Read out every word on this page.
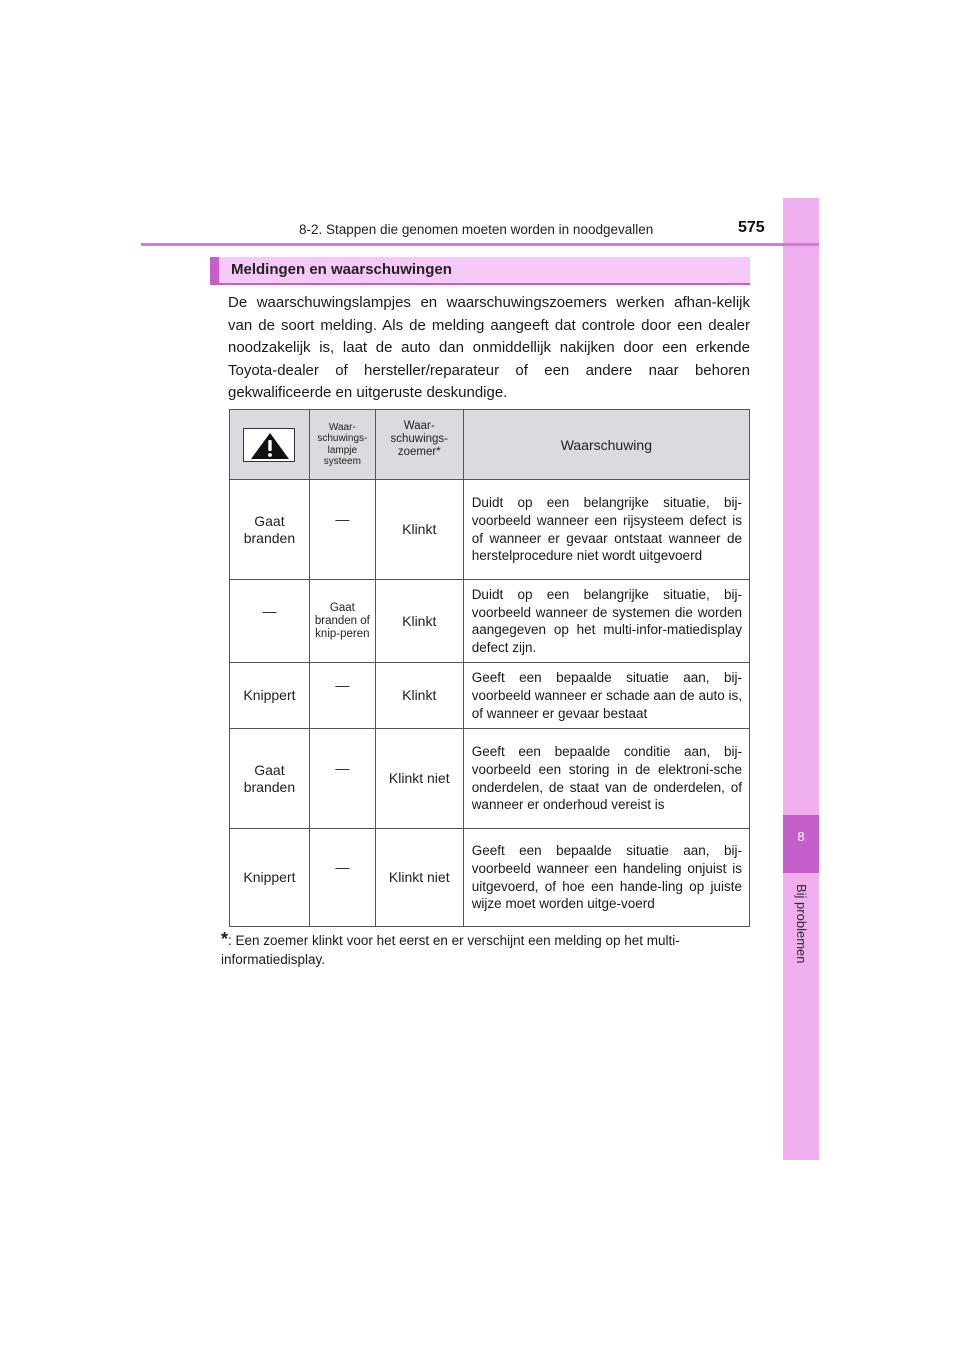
8
Bij problemen
8-2. Stappen die genomen moeten worden in noodgevallen	575
Meldingen en waarschuwingen

De waarschuwingslampjes en waarschuwingszoemers werken afhan-kelijk van de soort melding. Als de melding aangeeft dat controle door een dealer noodzakelijk is, laat de auto dan onmiddellijk nakijken door een erkende Toyota-dealer of hersteller/reparateur of een andere naar behoren gekwalificeerde en uitgeruste deskundige.

	Waar-schuwings-lampje systeem	Waar-schuwings-zoemer*	Waarschuwing
Gaat branden	—	Klinkt	Duidt op een belangrijke situatie, bij-voorbeeld wanneer een rijsysteem defect is of wanneer er gevaar ontstaat wanneer de herstelprocedure niet wordt uitgevoerd
—	Gaat branden of knip-peren	Klinkt	Duidt op een belangrijke situatie, bij-voorbeeld wanneer de systemen die worden aangegeven op het multi-infor-matiedisplay defect zijn.
Knippert	—	Klinkt	Geeft een bepaalde situatie aan, bij-voorbeeld wanneer er schade aan de auto is, of wanneer er gevaar bestaat
Gaat branden	—	Klinkt niet	Geeft een bepaalde conditie aan, bij-voorbeeld een storing in de elektroni-sche onderdelen, de staat van de onderdelen, of wanneer er onderhoud vereist is
Knippert	—	Klinkt niet	Geeft een bepaalde situatie aan, bij-voorbeeld wanneer een handeling onjuist is uitgevoerd, of hoe een hande-ling op juiste wijze moet worden uitge-voerd
*: Een zoemer klinkt voor het eerst en er verschijnt een melding op het multi-informatiedisplay.
